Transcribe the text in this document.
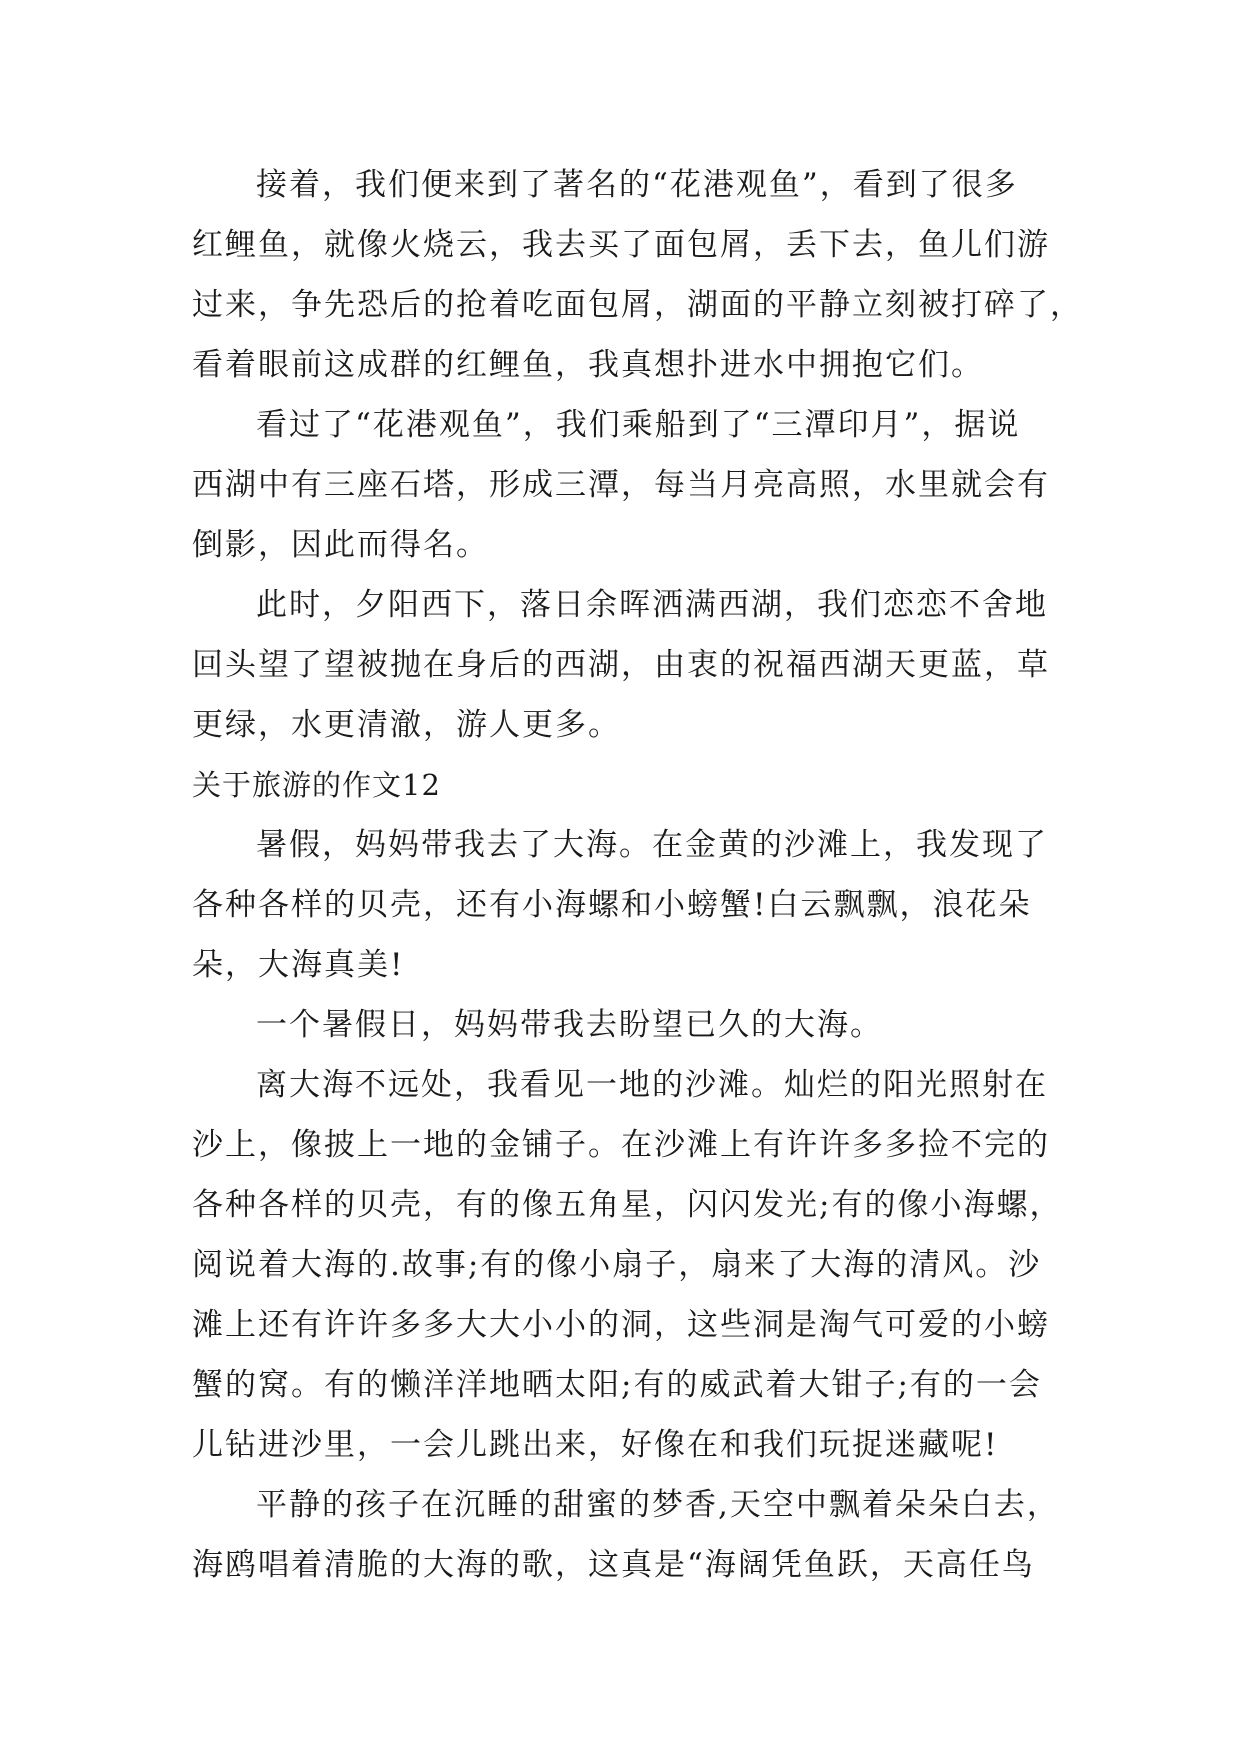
接着，我们便来到了著名的“花港观鱼”，看到了很多
红鲤鱼，就像火烧云，我去买了面包屑，丢下去，鱼儿们游
过来，争先恐后的抢着吃面包屑，湖面的平静立刻被打碎了，
看着眼前这成群的红鲤鱼，我真想扑进水中拥抱它们。
看过了“花港观鱼”，我们乘船到了“三潭印月”，据说
西湖中有三座石塔，形成三潭，每当月亮高照，水里就会有
倒影，因此而得名。
此时，夕阳西下，落日余晖洒满西湖，我们恋恋不舍地
回头望了望被抛在身后的西湖，由衷的祝福西湖天更蓝，草
更绿，水更清澈，游人更多。
关于旅游的作文12
暑假，妈妈带我去了大海。在金黄的沙滩上，我发现了
各种各样的贝壳，还有小海螺和小螃蟹!白云飘飘，浪花朵
朵，大海真美!
一个暑假日，妈妈带我去盼望已久的大海。
离大海不远处，我看见一地的沙滩。灿烂的阳光照射在
沙上，像披上一地的金铺子。在沙滩上有许许多多捡不完的
各种各样的贝壳，有的像五角星，闪闪发光;有的像小海螺，
阅说着大海的.故事;有的像小扇子，扇来了大海的清风。沙
滩上还有许许多多大大小小的洞，这些洞是淘气可爱的小螃
蟹的窝。有的懒洋洋地晒太阳;有的威武着大钳子;有的一会
儿钻进沙里，一会儿跳出来，好像在和我们玩捉迷藏呢!
平静的孩子在沉睡的甜蜜的梦香,天空中飘着朵朵白去，
海鸥唱着清脆的大海的歌，这真是“海阔凭鱼跃，天高任鸟
